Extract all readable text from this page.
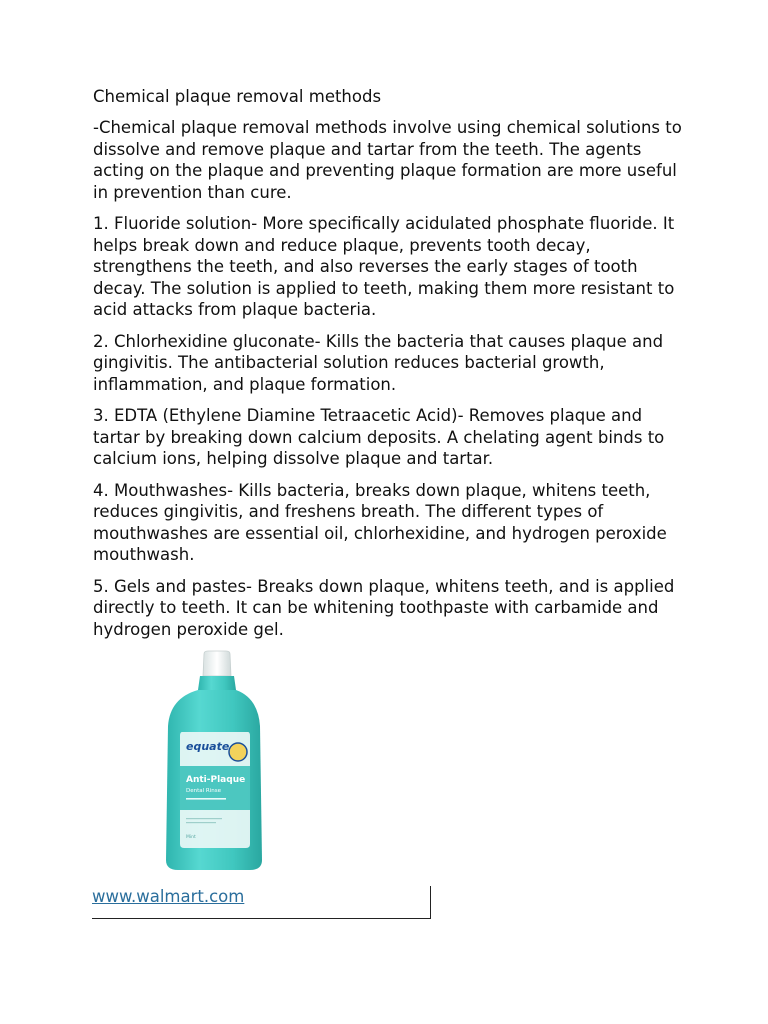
Chemical plaque removal methods

-Chemical plaque removal methods involve using chemical solutions to dissolve and remove plaque and tartar from the teeth. The agents acting on the plaque and preventing plaque formation are more useful in prevention than cure.

1. Fluoride solution- More specifically acidulated phosphate fluoride. It helps break down and reduce plaque, prevents tooth decay, strengthens the teeth, and also reverses the early stages of tooth decay. The solution is applied to teeth, making them more resistant to acid attacks from plaque bacteria.

2. Chlorhexidine gluconate- Kills the bacteria that causes plaque and gingivitis. The antibacterial solution reduces bacterial growth, inflammation, and plaque formation.

3. EDTA (Ethylene Diamine Tetraacetic Acid)- Removes plaque and tartar by breaking down calcium deposits. A chelating agent binds to calcium ions, helping dissolve plaque and tartar.

4. Mouthwashes- Kills bacteria, breaks down plaque, whitens teeth, reduces gingivitis, and freshens breath. The different types of mouthwashes are essential oil, chlorhexidine, and hydrogen peroxide mouthwash.

5. Gels and pastes- Breaks down plaque, whitens teeth, and is applied directly to teeth. It can be whitening toothpaste with carbamide and hydrogen peroxide gel.

equate
Anti-Plaque
Dental Rinse
Mint
www.walmart.com
